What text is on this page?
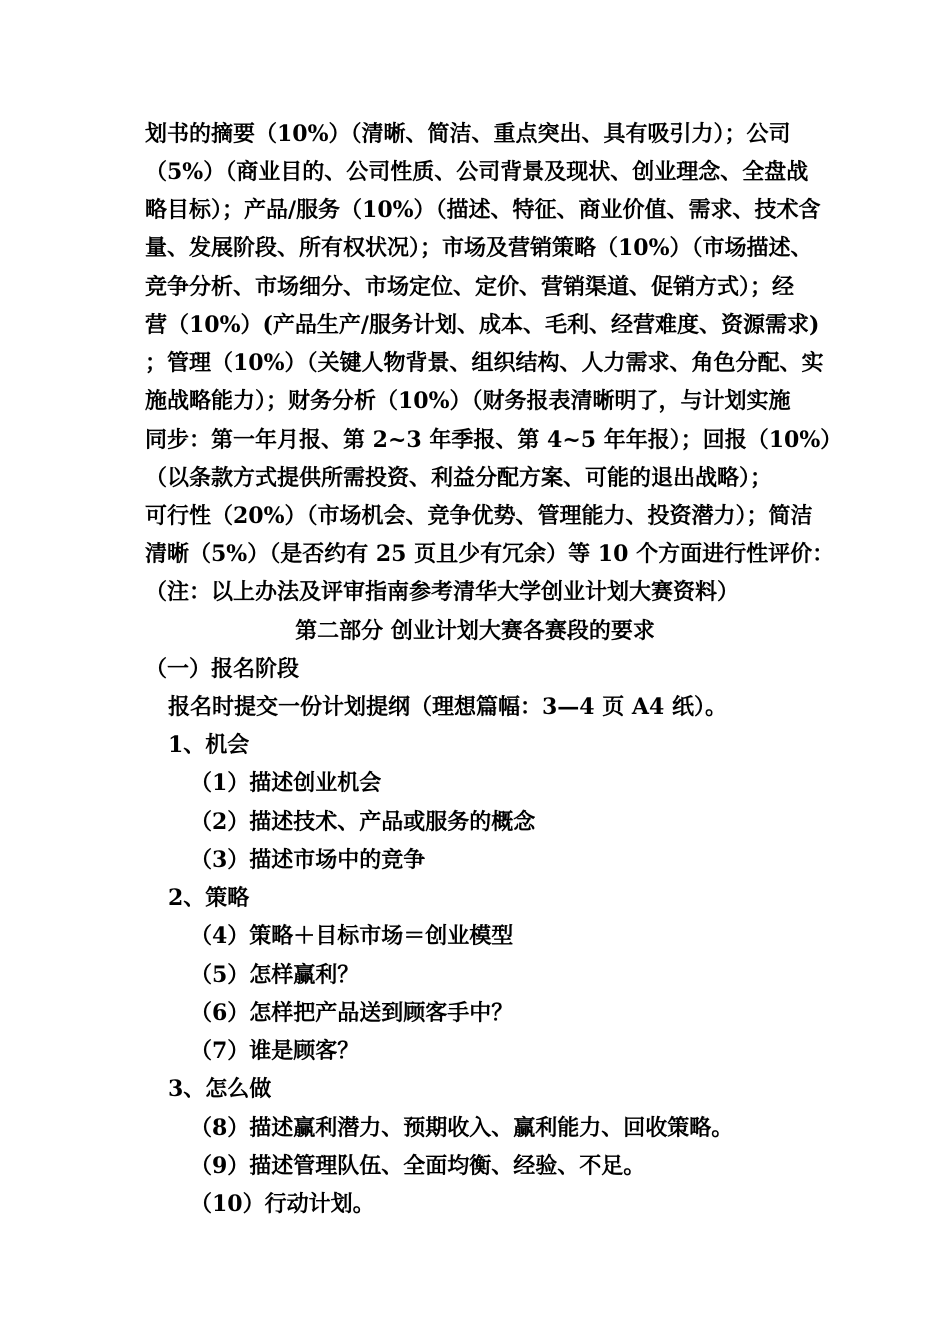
划书的摘要（10%）（清晰、简洁、重点突出、具有吸引力）；公司
（5%）（商业目的、公司性质、公司背景及现状、创业理念、全盘战
略目标）；产品/服务（10%）（描述、特征、商业价值、需求、技术含
量、发展阶段、所有权状况）；市场及营销策略（10%）（市场描述、
竞争分析、市场细分、市场定位、定价、营销渠道、促销方式）；经
营（10%）(产品生产/服务计划、成本、毛利、经营难度、资源需求)
；管理（10%）（关键人物背景、组织结构、人力需求、角色分配、实
施战略能力）；财务分析（10%）（财务报表清晰明了，与计划实施
同步：第一年月报、第 2~3 年季报、第 4~5 年年报）；回报（10%）
（以条款方式提供所需投资、利益分配方案、可能的退出战略）；
可行性（20%）（市场机会、竞争优势、管理能力、投资潜力）；简洁
清晰（5%）（是否约有 25 页且少有冗余）等 10 个方面进行性评价：
（注：以上办法及评审指南参考清华大学创业计划大赛资料）
第二部分 创业计划大赛各赛段的要求
（一）报名阶段
报名时提交一份计划提纲（理想篇幅：3—4 页 A4 纸）。
1、机会
（1）描述创业机会
（2）描述技术、产品或服务的概念
（3）描述市场中的竞争
2、策略
（4）策略＋目标市场＝创业模型
（5）怎样赢利？
（6）怎样把产品送到顾客手中？
（7）谁是顾客？
3、怎么做
（8）描述赢利潜力、预期收入、赢利能力、回收策略。
（9）描述管理队伍、全面均衡、经验、不足。
（10）行动计划。
